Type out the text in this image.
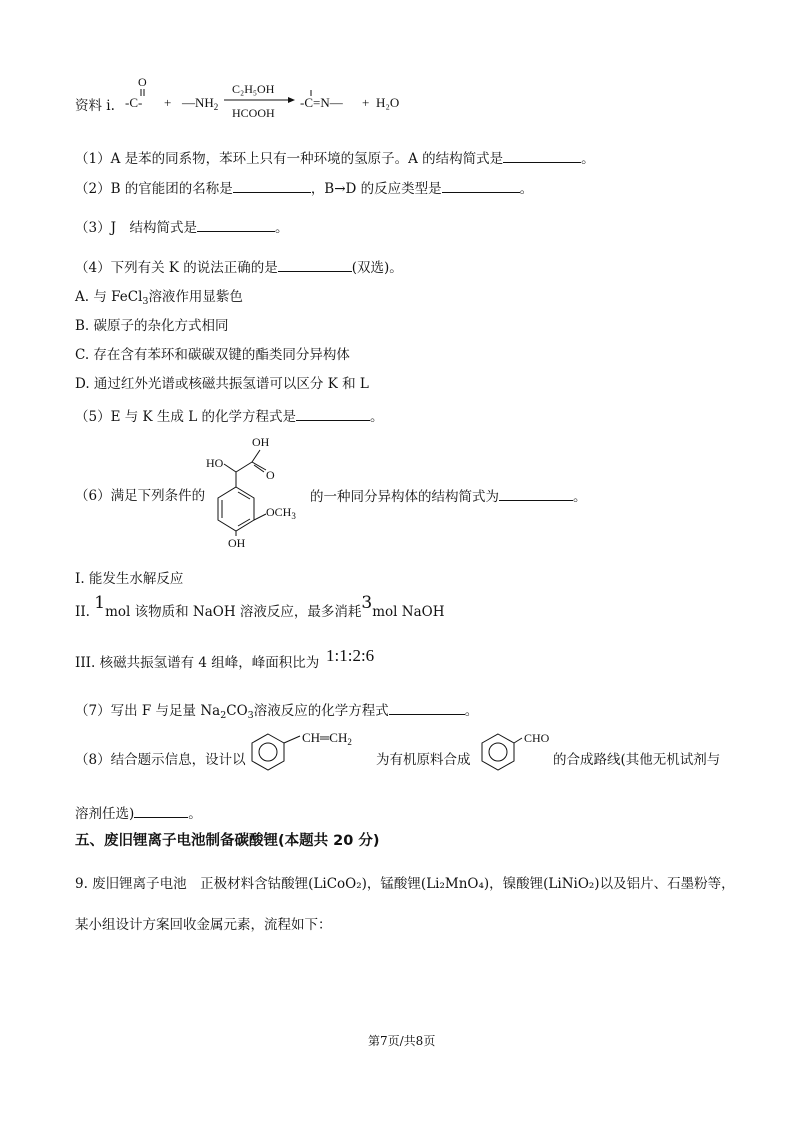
资料 i.
O
$-C- + —NH_2$
C₂H₅OH
HCOOH
-C=N— + H₂O
（1）A 是苯的同系物，苯环上只有一种环境的氢原子。A 的结构简式是	。
（2）B 的官能团的名称是	，B→D 的反应类型是	。
（3）J　结构简式是	。
（4）下列有关 K 的说法正确的是	(双选)。
A. 与 FeCl$_3$溶液作用显紫色
B. 碳原子的杂化方式相同
C. 存在含有苯环和碳碳双键的酯类同分异构体
D. 通过红外光谱或核磁共振氢谱可以区分 K 和 L
（5）E 与 K 生成 L 的化学方程式是	。
（6）满足下列条件的
OH
HO
O
$OCH_3$
OH
的一种同分异构体的结构简式为	。
I. 能发生水解反应
II. 1mol 该物质和 NaOH 溶液反应，最多消耗3mol NaOH
III. 核磁共振氢谱有 4 组峰，峰面积比为 1:1:2:6
（7）写出 F 与足量 $Na_2CO_3$溶液反应的化学方程式	。
（8）结合题示信息，设计以
$CH═CH_2$
为有机原料合成
CHO
的合成路线(其他无机试剂与
溶剂任选)	。
五、废旧锂离子电池制备碳酸锂(本题共 20 分)
9. 废旧锂离子电池　正极材料含钴酸锂(LiCoO₂)，锰酸锂(Li₂MnO₄)，镍酸锂(LiNiO₂)以及铝片、石墨粉等，
某小组设计方案回收金属元素，流程如下：
第7页/共8页
